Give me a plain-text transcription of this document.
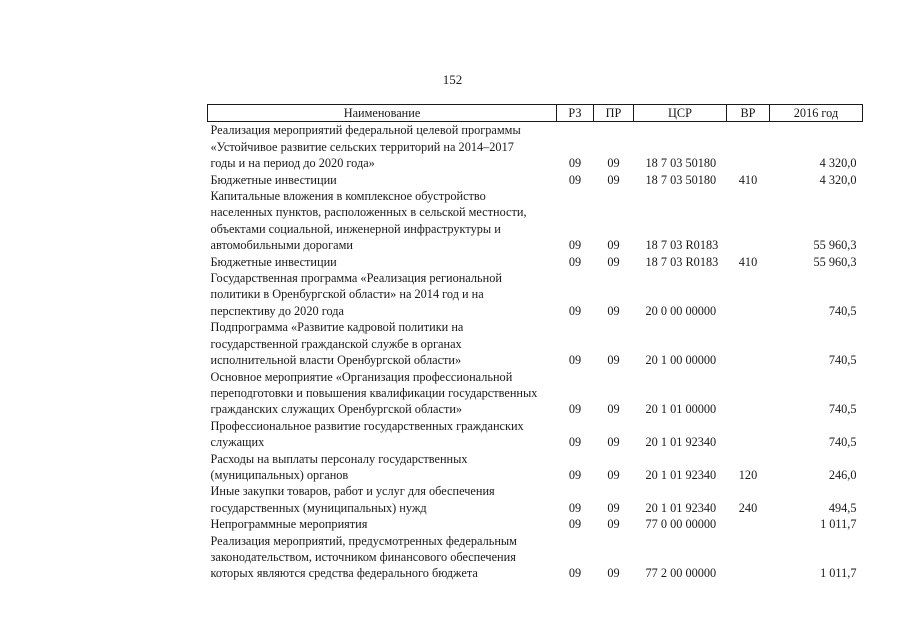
152
Наименование	РЗ	ПР	ЦСР	ВР	2016 год
Реализация мероприятий федеральной целевой программы
«Устойчивое развитие сельских территорий на 2014–2017
годы и на период до 2020 года»	09	09	18 7 03 50180		4 320,0
Бюджетные инвестиции	09	09	18 7 03 50180	410	4 320,0
Капитальные вложения в комплексное обустройство
населенных пунктов, расположенных в сельской местности,
объектами социальной, инженерной инфраструктуры и
автомобильными дорогами	09	09	18 7 03 R0183		55 960,3
Бюджетные инвестиции	09	09	18 7 03 R0183	410	55 960,3
Государственная программа «Реализация региональной
политики в Оренбургской области» на 2014 год и на
перспективу до 2020 года	09	09	20 0 00 00000		740,5
Подпрограмма «Развитие кадровой политики на
государственной гражданской службе в органах
исполнительной власти Оренбургской области»	09	09	20 1 00 00000		740,5
Основное мероприятие «Организация профессиональной
переподготовки и повышения квалификации государственных
гражданских служащих Оренбургской области»	09	09	20 1 01 00000		740,5
Профессиональное развитие государственных гражданских
служащих	09	09	20 1 01 92340		740,5
Расходы на выплаты персоналу государственных
(муниципальных) органов	09	09	20 1 01 92340	120	246,0
Иные закупки товаров, работ и услуг для обеспечения
государственных (муниципальных) нужд	09	09	20 1 01 92340	240	494,5
Непрограммные мероприятия	09	09	77 0 00 00000		1 011,7
Реализация мероприятий, предусмотренных федеральным
законодательством, источником финансового обеспечения
которых являются средства федерального бюджета	09	09	77 2 00 00000		1 011,7
